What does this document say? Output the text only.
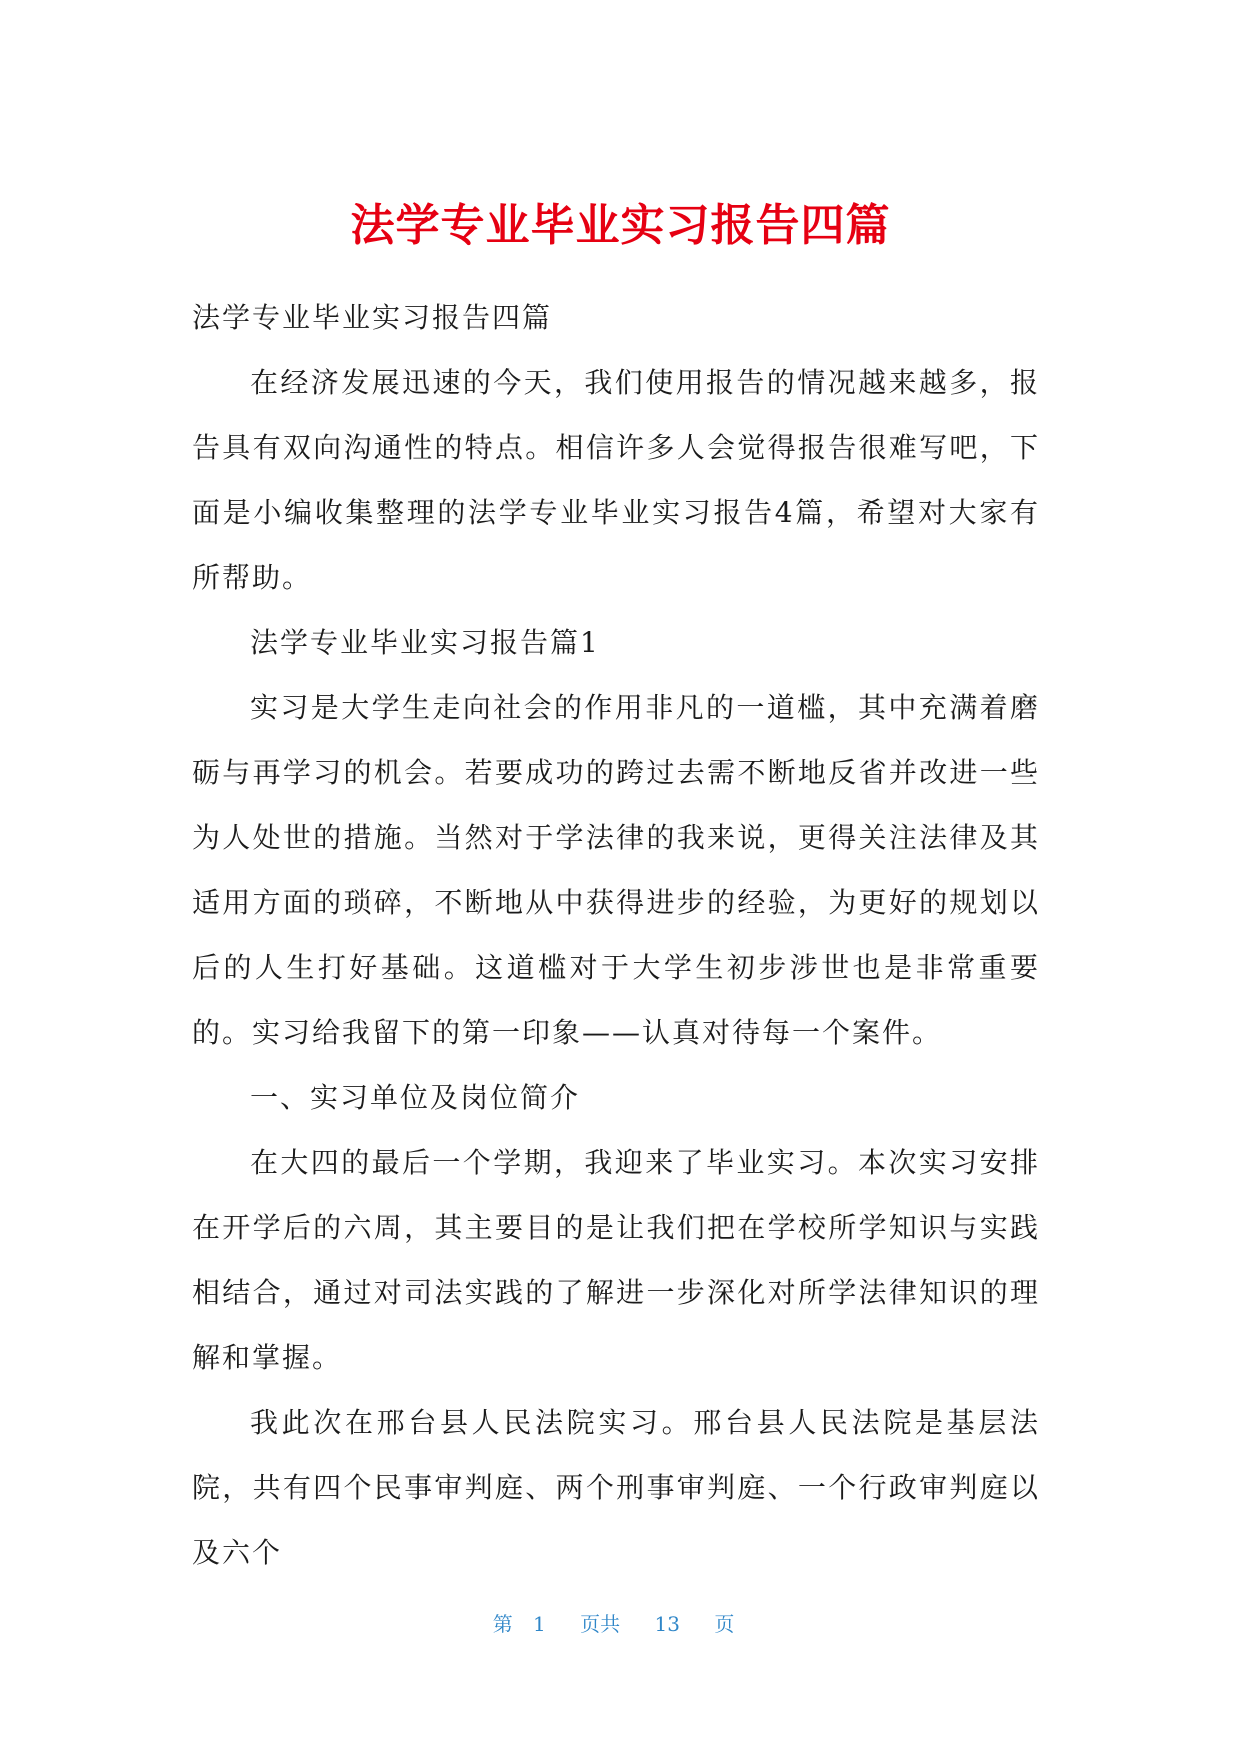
法学专业毕业实习报告四篇

法学专业毕业实习报告四篇

在经济发展迅速的今天，我们使用报告的情况越来越多，报告具有双向沟通性的特点。相信许多人会觉得报告很难写吧，下面是小编收集整理的法学专业毕业实习报告4篇，希望对大家有所帮助。

法学专业毕业实习报告篇1

实习是大学生走向社会的作用非凡的一道槛，其中充满着磨砺与再学习的机会。若要成功的跨过去需不断地反省并改进一些为人处世的措施。当然对于学法律的我来说，更得关注法律及其适用方面的琐碎，不断地从中获得进步的经验，为更好的规划以后的人生打好基础。这道槛对于大学生初步涉世也是非常重要的。实习给我留下的第一印象——认真对待每一个案件。

一、实习单位及岗位简介

在大四的最后一个学期，我迎来了毕业实习。本次实习安排在开学后的六周，其主要目的是让我们把在学校所学知识与实践相结合，通过对司法实践的了解进一步深化对所学法律知识的理解和掌握。

我此次在邢台县人民法院实习。邢台县人民法院是基层法院，共有四个民事审判庭、两个刑事审判庭、一个行政审判庭以及六个

第 1 页共 13 页
